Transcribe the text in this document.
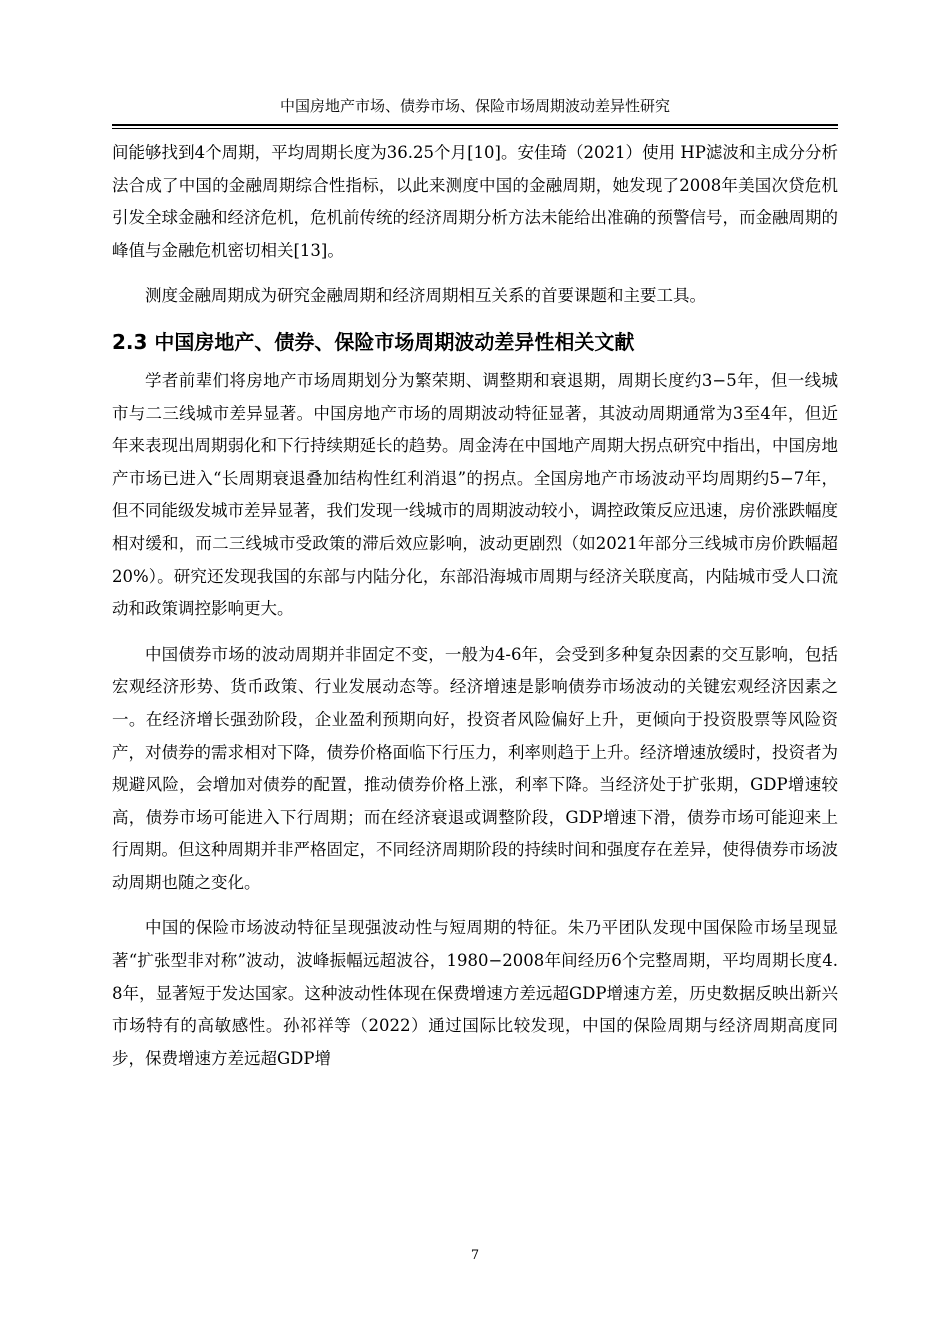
中国房地产市场、债券市场、保险市场周期波动差异性研究

间能够找到4个周期，平均周期长度为36.25个月[10]。安佳琦（2021）使用 HP滤波和主成分分析法合成了中国的金融周期综合性指标，以此来测度中国的金融周期，她发现了2008年美国次贷危机引发全球金融和经济危机，危机前传统的经济周期分析方法未能给出准确的预警信号，而金融周期的峰值与金融危机密切相关[13]。

测度金融周期成为研究金融周期和经济周期相互关系的首要课题和主要工具。

2.3 中国房地产、债券、保险市场周期波动差异性相关文献

学者前辈们将房地产市场周期划分为繁荣期、调整期和衰退期，周期长度约3−5年，但一线城市与二三线城市差异显著。中国房地产市场的周期波动特征显著，其波动周期通常为3至4年，但近年来表现出周期弱化和下行持续期延长的趋势。周金涛在中国地产周期大拐点研究中指出，中国房地产市场已进入“长周期衰退叠加结构性红利消退”的拐点。全国房地产市场波动平均周期约5−7年，但不同能级发城市差异显著，我们发现一线城市的周期波动较小，调控政策反应迅速，房价涨跌幅度相对缓和，而二三线城市受政策的滞后效应影响，波动更剧烈（如2021年部分三线城市房价跌幅超20%）。研究还发现我国的东部与内陆分化，东部沿海城市周期与经济关联度高，内陆城市受人口流动和政策调控影响更大。

中国债券市场的波动周期并非固定不变，一般为4-6年，会受到多种复杂因素的交互影响，包括宏观经济形势、货币政策、行业发展动态等。经济增速是影响债券市场波动的关键宏观经济因素之一。在经济增长强劲阶段，企业盈利预期向好，投资者风险偏好上升，更倾向于投资股票等风险资产，对债券的需求相对下降，债券价格面临下行压力，利率则趋于上升。经济增速放缓时，投资者为规避风险，会增加对债券的配置，推动债券价格上涨，利率下降。当经济处于扩张期，GDP增速较高，债券市场可能进入下行周期；而在经济衰退或调整阶段，GDP增速下滑，债券市场可能迎来上行周期。但这种周期并非严格固定，不同经济周期阶段的持续时间和强度存在差异，使得债券市场波动周期也随之变化。

中国的保险市场波动特征呈现强波动性与短周期的特征。朱乃平团队发现中国保险市场呈现显著“扩张型非对称”波动，波峰振幅远超波谷，1980−2008年间经历6个完整周期，平均周期长度4. 8年，显著短于发达国家。这种波动性体现在保费增速方差远超GDP增速方差，历史数据反映出新兴市场特有的高敏感性。孙祁祥等（2022）通过国际比较发现，中国的保险周期与经济周期高度同步，保费增速方差远超GDP增

7
